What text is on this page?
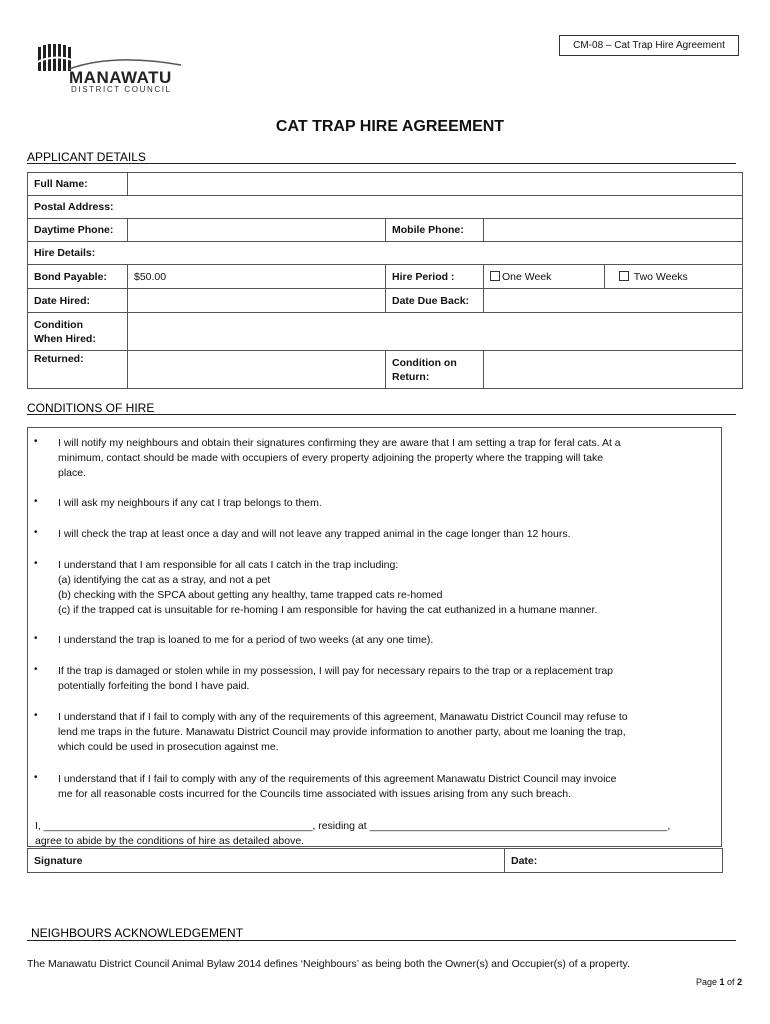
CM-08 – Cat Trap Hire Agreement
MANAWATU
DISTRICT COUNCIL
CAT TRAP HIRE AGREEMENT
APPLICANT DETAILS
Full Name:				
Postal Address:				
Daytime Phone:		Mobile Phone:		
Hire Details:				
Bond Payable:	$50.00	Hire Period :	One Week	Two Weeks
Date Hired:		Date Due Back:		
Condition
When Hired:				
Returned:		Condition on
Return:		
CONDITIONS OF HIRE
• I will notify my neighbours and obtain their signatures confirming they are aware that I am setting a trap for feral cats. At a
minimum, contact should be made with occupiers of every property adjoining the property where the trapping will take
place.
• I will ask my neighbours if any cat I trap belongs to them.
• I will check the trap at least once a day and will not leave any trapped animal in the cage longer than 12 hours.
• I understand that I am responsible for all cats I catch in the trap including:
(a) identifying the cat as a stray, and not a pet
(b) checking with the SPCA about getting any healthy, tame trapped cats re-homed
(c) if the trapped cat is unsuitable for re-homing I am responsible for having the cat euthanized in a humane manner.
• I understand the trap is loaned to me for a period of two weeks (at any one time).
• If the trap is damaged or stolen while in my possession, I will pay for necessary repairs to the trap or a replacement trap
potentially forfeiting the bond I have paid.
• I understand that if I fail to comply with any of the requirements of this agreement, Manawatu District Council may refuse to
lend me traps in the future. Manawatu District Council may provide information to another party, about me loaning the trap,
which could be used in prosecution against me.
• I understand that if I fail to comply with any of the requirements of this agreement Manawatu District Council may invoice
me for all reasonable costs incurred for the Councils time associated with issues arising from any such breach.
I, ______________________________________________, residing at ___________________________________________________,
agree to abide by the conditions of hire as detailed above.
Signature	Date:
NEIGHBOURS ACKNOWLEDGEMENT
The Manawatu District Council Animal Bylaw 2014 defines ‘Neighbours’ as being both the Owner(s) and Occupier(s) of a property.
Page 1 of 2
